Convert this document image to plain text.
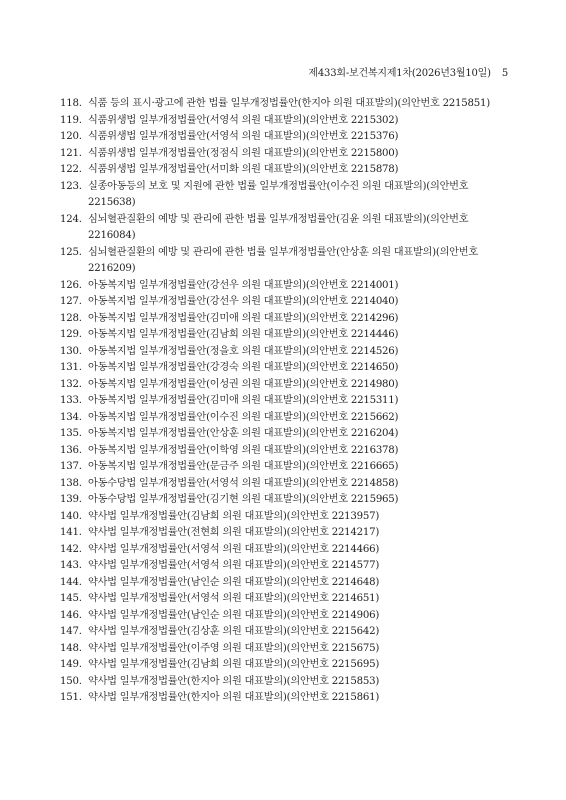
제433회-보건복지제1차(2026년3월10일) 5
118. 식품 등의 표시·광고에 관한 법률 일부개정법률안(한지아 의원 대표발의)(의안번호 2215851)
119. 식품위생법 일부개정법률안(서영석 의원 대표발의)(의안번호 2215302)
120. 식품위생법 일부개정법률안(서영석 의원 대표발의)(의안번호 2215376)
121. 식품위생법 일부개정법률안(정점식 의원 대표발의)(의안번호 2215800)
122. 식품위생법 일부개정법률안(서미화 의원 대표발의)(의안번호 2215878)
123. 실종아동등의 보호 및 지원에 관한 법률 일부개정법률안(이수진 의원 대표발의)(의안번호 2215638)
124. 심뇌혈관질환의 예방 및 관리에 관한 법률 일부개정법률안(김윤 의원 대표발의)(의안번호 2216084)
125. 심뇌혈관질환의 예방 및 관리에 관한 법률 일부개정법률안(안상훈 의원 대표발의)(의안번호 2216209)
126. 아동복지법 일부개정법률안(강선우 의원 대표발의)(의안번호 2214001)
127. 아동복지법 일부개정법률안(강선우 의원 대표발의)(의안번호 2214040)
128. 아동복지법 일부개정법률안(김미애 의원 대표발의)(의안번호 2214296)
129. 아동복지법 일부개정법률안(김남희 의원 대표발의)(의안번호 2214446)
130. 아동복지법 일부개정법률안(정을호 의원 대표발의)(의안번호 2214526)
131. 아동복지법 일부개정법률안(강경숙 의원 대표발의)(의안번호 2214650)
132. 아동복지법 일부개정법률안(이성권 의원 대표발의)(의안번호 2214980)
133. 아동복지법 일부개정법률안(김미애 의원 대표발의)(의안번호 2215311)
134. 아동복지법 일부개정법률안(이수진 의원 대표발의)(의안번호 2215662)
135. 아동복지법 일부개정법률안(안상훈 의원 대표발의)(의안번호 2216204)
136. 아동복지법 일부개정법률안(이학영 의원 대표발의)(의안번호 2216378)
137. 아동복지법 일부개정법률안(문금주 의원 대표발의)(의안번호 2216665)
138. 아동수당법 일부개정법률안(서영석 의원 대표발의)(의안번호 2214858)
139. 아동수당법 일부개정법률안(김기현 의원 대표발의)(의안번호 2215965)
140. 약사법 일부개정법률안(김남희 의원 대표발의)(의안번호 2213957)
141. 약사법 일부개정법률안(전현희 의원 대표발의)(의안번호 2214217)
142. 약사법 일부개정법률안(서영석 의원 대표발의)(의안번호 2214466)
143. 약사법 일부개정법률안(서영석 의원 대표발의)(의안번호 2214577)
144. 약사법 일부개정법률안(남인순 의원 대표발의)(의안번호 2214648)
145. 약사법 일부개정법률안(서영석 의원 대표발의)(의안번호 2214651)
146. 약사법 일부개정법률안(남인순 의원 대표발의)(의안번호 2214906)
147. 약사법 일부개정법률안(김상훈 의원 대표발의)(의안번호 2215642)
148. 약사법 일부개정법률안(이주영 의원 대표발의)(의안번호 2215675)
149. 약사법 일부개정법률안(김남희 의원 대표발의)(의안번호 2215695)
150. 약사법 일부개정법률안(한지아 의원 대표발의)(의안번호 2215853)
151. 약사법 일부개정법률안(한지아 의원 대표발의)(의안번호 2215861)
